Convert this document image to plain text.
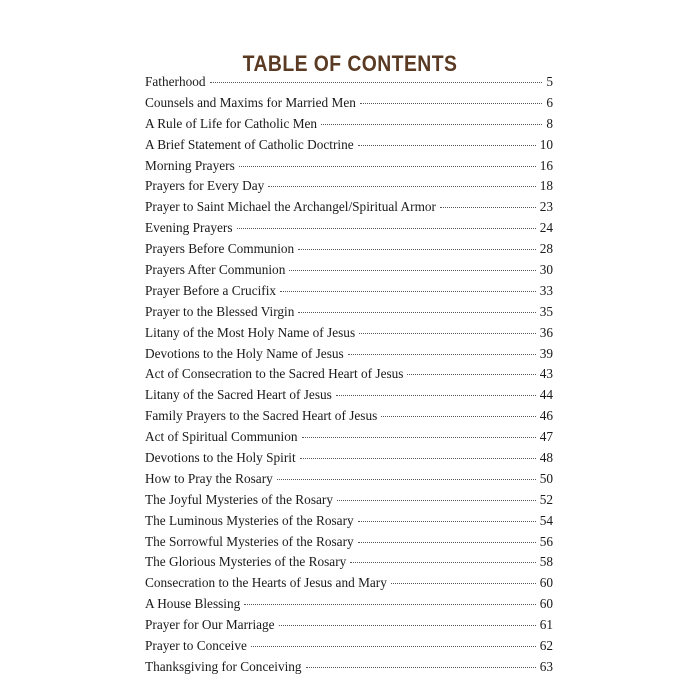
TABLE OF CONTENTS
Fatherhood	5
Counsels and Maxims for Married Men	6
A Rule of Life for Catholic Men	8
A Brief Statement of Catholic Doctrine	10
Morning Prayers	16
Prayers for Every Day	18
Prayer to Saint Michael the Archangel/Spiritual Armor	23
Evening Prayers	24
Prayers Before Communion	28
Prayers After Communion	30
Prayer Before a Crucifix	33
Prayer to the Blessed Virgin	35
Litany of the Most Holy Name of Jesus	36
Devotions to the Holy Name of Jesus	39
Act of Consecration to the Sacred Heart of Jesus	43
Litany of the Sacred Heart of Jesus	44
Family Prayers to the Sacred Heart of Jesus	46
Act of Spiritual Communion	47
Devotions to the Holy Spirit	48
How to Pray the Rosary	50
The Joyful Mysteries of the Rosary	52
The Luminous Mysteries of the Rosary	54
The Sorrowful Mysteries of the Rosary	56
The Glorious Mysteries of the Rosary	58
Consecration to the Hearts of Jesus and Mary	60
A House Blessing	60
Prayer for Our Marriage	61
Prayer to Conceive	62
Thanksgiving for Conceiving	63
